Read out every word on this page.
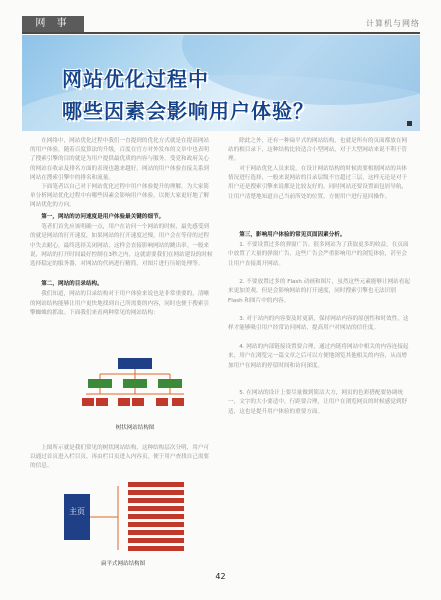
网 事	计算机与网络
网站优化过程中
哪些因素会影响用户体验？

在网络中，网站优化过程中我们一直提到的优化方式就是在提高网站的用户体验，随着百度算法的升级，百度在官方对外发布的文章中也表明了搜索引擎的目的就是为用户提供最优质的内容与服务。受党和政府关心的网站在收录及排名方面的表现也越来越好，网站的用户体验直接关系到网站在搜索引擎中的排名和流量。

下面笔者以自己对于网站优化过程中用户体验提升的理解，为大家简单分析网站优化过程中有哪些因素会影响用户体验，以便大家更好地了解网站优化的方向。

第一，网站的访问速度是用户体验最关键的细节。

笔者们首先应该明确一点，用户在访问一个网站的时候，最先感受到的就是网站的打开速度。如果网站的打开速度过慢，用户会在等待的过程中失去耐心，最终选择关闭网站，这样会直接影响网站的跳出率。一般来说，网站的打开时间最好控制在3秒之内，这就需要我们在网站建设的时候选择稳定的服务器，对网站的代码进行精简，对图片进行压缩处理等。

第二，网站的目录结构。

我们知道，网站的目录结构对于用户体验来说也是非常重要的，清晰的网站结构能够让用户更快地找到自己所需要的内容，同时也便于搜索引擎蜘蛛的抓取。下面我们来看两种常见的网站结构：

树状网站结构图

上图所示就是我们常见的树状网站结构，这种结构层次分明，用户可以通过首页进入栏目页，再由栏目页进入内容页，便于用户查找自己需要的信息。

主页
扁平式网站结构图

除此之外，还有一种扁平式的网站结构，也就是所有的页面都放在网站的根目录下，这种结构比较适合小型网站，对于大型网站来说不利于管理。

对于网站优化人员来说，在设计网站结构的时候需要根据网站的具体情况进行选择，一般来说网站的目录层级不宜超过三层，这样无论是对于用户还是搜索引擎来说都是比较友好的。同时网站还要设置面包屑导航，让用户清楚地知道自己当前所处的位置，方便用户进行返回操作。

第三，影响用户体验的常见页面因素分析。

1. 不要设置过多的弹窗广告。很多网站为了获取更多的收益，在页面中放置了大量的弹窗广告，这些广告会严重影响用户的浏览体验，甚至会让用户直接离开网站。

2. 不要放置过多的 Flash 动画和图片，虽然这些元素能够让网站看起来更加美观，但是会影响网站的打开速度，同时搜索引擎也无法识别 Flash 和图片中的内容。

3. 对于站内的内容要及时更新，保持网站内容的原创性和时效性，这样才能够吸引用户经常访问网站，提高用户对网站的信任度。

4. 网站的内部链接设置要合理，通过内链将网站中相关的内容连接起来，用户在浏览完一篇文章之后可以方便地浏览其他相关的内容，从而增加用户在网站的停留时间和访问深度。

5. 在网站的设计上要尽量做到简洁大方，网页的色彩搭配要协调统一，文字的大小要适中，行距要合理，让用户在浏览网页的时候感觉到舒适，这也是提升用户体验的重要方面。

42
